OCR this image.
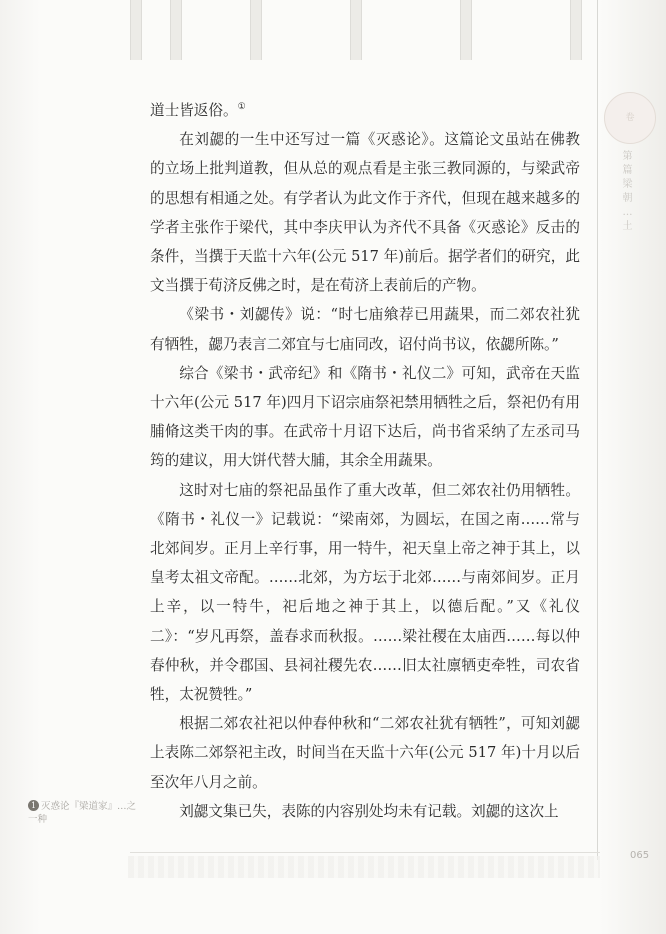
卷
第
篇
梁
朝
…
土

道士皆返俗。①

在刘勰的一生中还写过一篇《灭惑论》。这篇论文虽站在佛教的立场上批判道教，但从总的观点看是主张三教同源的，与梁武帝的思想有相通之处。有学者认为此文作于齐代，但现在越来越多的学者主张作于梁代，其中李庆甲认为齐代不具备《灭惑论》反击的条件，当撰于天监十六年(公元 517 年)前后。据学者们的研究，此文当撰于荀济反佛之时，是在荀济上表前后的产物。

《梁书・刘勰传》说：“时七庙飨荐已用蔬果，而二郊农社犹有牺牲，勰乃表言二郊宜与七庙同改，诏付尚书议，依勰所陈。”

综合《梁书・武帝纪》和《隋书・礼仪二》可知，武帝在天监十六年(公元 517 年)四月下诏宗庙祭祀禁用牺牲之后，祭祀仍有用脯脩这类干肉的事。在武帝十月诏下达后，尚书省采纳了左丞司马筠的建议，用大饼代替大脯，其余全用蔬果。

这时对七庙的祭祀品虽作了重大改革，但二郊农社仍用牺牲。《隋书・礼仪一》记载说：“梁南郊，为圆坛，在国之南……常与北郊间岁。正月上辛行事，用一特牛，祀天皇上帝之神于其上，以皇考太祖文帝配。……北郊，为方坛于北郊……与南郊间岁。正月上辛，以一特牛，祀后地之神于其上，以德后配。”又《礼仪二》：“岁凡再祭，盖春求而秋报。……梁社稷在太庙西……每以仲春仲秋，并令郡国、县祠社稷先农……旧太社廪牺吏牵牲，司农省牲，太祝赞牲。”

根据二郊农社祀以仲春仲秋和“二郊农社犹有牺牲”，可知刘勰上表陈二郊祭祀主改，时间当在天监十六年(公元 517 年)十月以后至次年八月之前。

刘勰文集已失，表陈的内容别处均未有记载。刘勰的这次上

1 灭惑论『梁道家』…之一种
065
